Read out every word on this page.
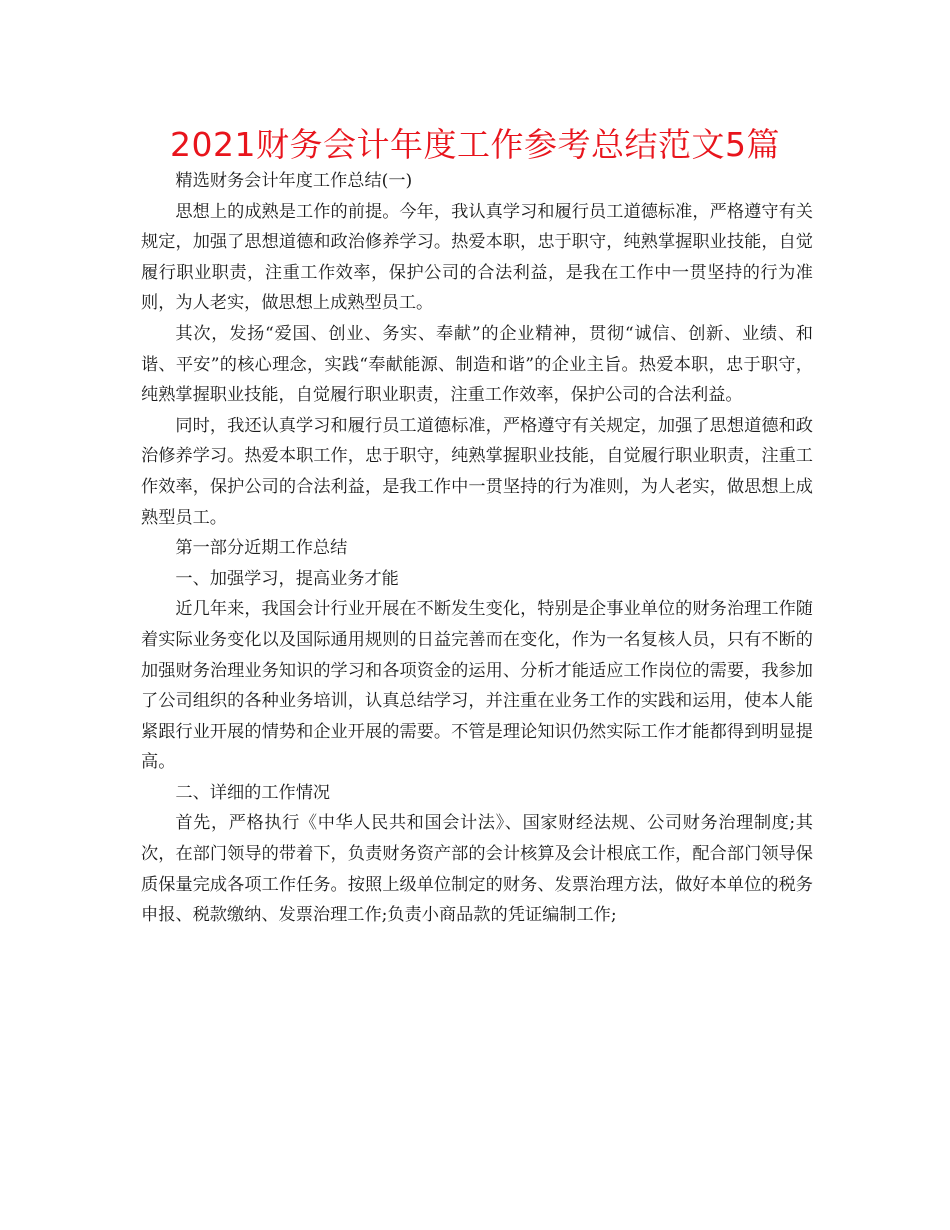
2021财务会计年度工作参考总结范文5篇

精选财务会计年度工作总结(一)

思想上的成熟是工作的前提。今年，我认真学习和履行员工道德标准，严格遵守有关规定，加强了思想道德和政治修养学习。热爱本职，忠于职守，纯熟掌握职业技能，自觉履行职业职责，注重工作效率，保护公司的合法利益，是我在工作中一贯坚持的行为准则，为人老实，做思想上成熟型员工。

其次，发扬“爱国、创业、务实、奉献”的企业精神，贯彻“诚信、创新、业绩、和谐、平安”的核心理念，实践“奉献能源、制造和谐”的企业主旨。热爱本职，忠于职守，纯熟掌握职业技能，自觉履行职业职责，注重工作效率，保护公司的合法利益。

同时，我还认真学习和履行员工道德标准，严格遵守有关规定，加强了思想道德和政治修养学习。热爱本职工作，忠于职守，纯熟掌握职业技能，自觉履行职业职责，注重工作效率，保护公司的合法利益，是我工作中一贯坚持的行为准则，为人老实，做思想上成熟型员工。

第一部分近期工作总结

一、加强学习，提高业务才能

近几年来，我国会计行业开展在不断发生变化，特别是企事业单位的财务治理工作随着实际业务变化以及国际通用规则的日益完善而在变化，作为一名复核人员，只有不断的加强财务治理业务知识的学习和各项资金的运用、分析才能适应工作岗位的需要，我参加了公司组织的各种业务培训，认真总结学习，并注重在业务工作的实践和运用，使本人能紧跟行业开展的情势和企业开展的需要。不管是理论知识仍然实际工作才能都得到明显提高。

二、详细的工作情况

首先，严格执行《中华人民共和国会计法》、国家财经法规、公司财务治理制度;其次，在部门领导的带着下，负责财务资产部的会计核算及会计根底工作，配合部门领导保质保量完成各项工作任务。按照上级单位制定的财务、发票治理方法，做好本单位的税务申报、税款缴纳、发票治理工作;负责小商品款的凭证编制工作;
